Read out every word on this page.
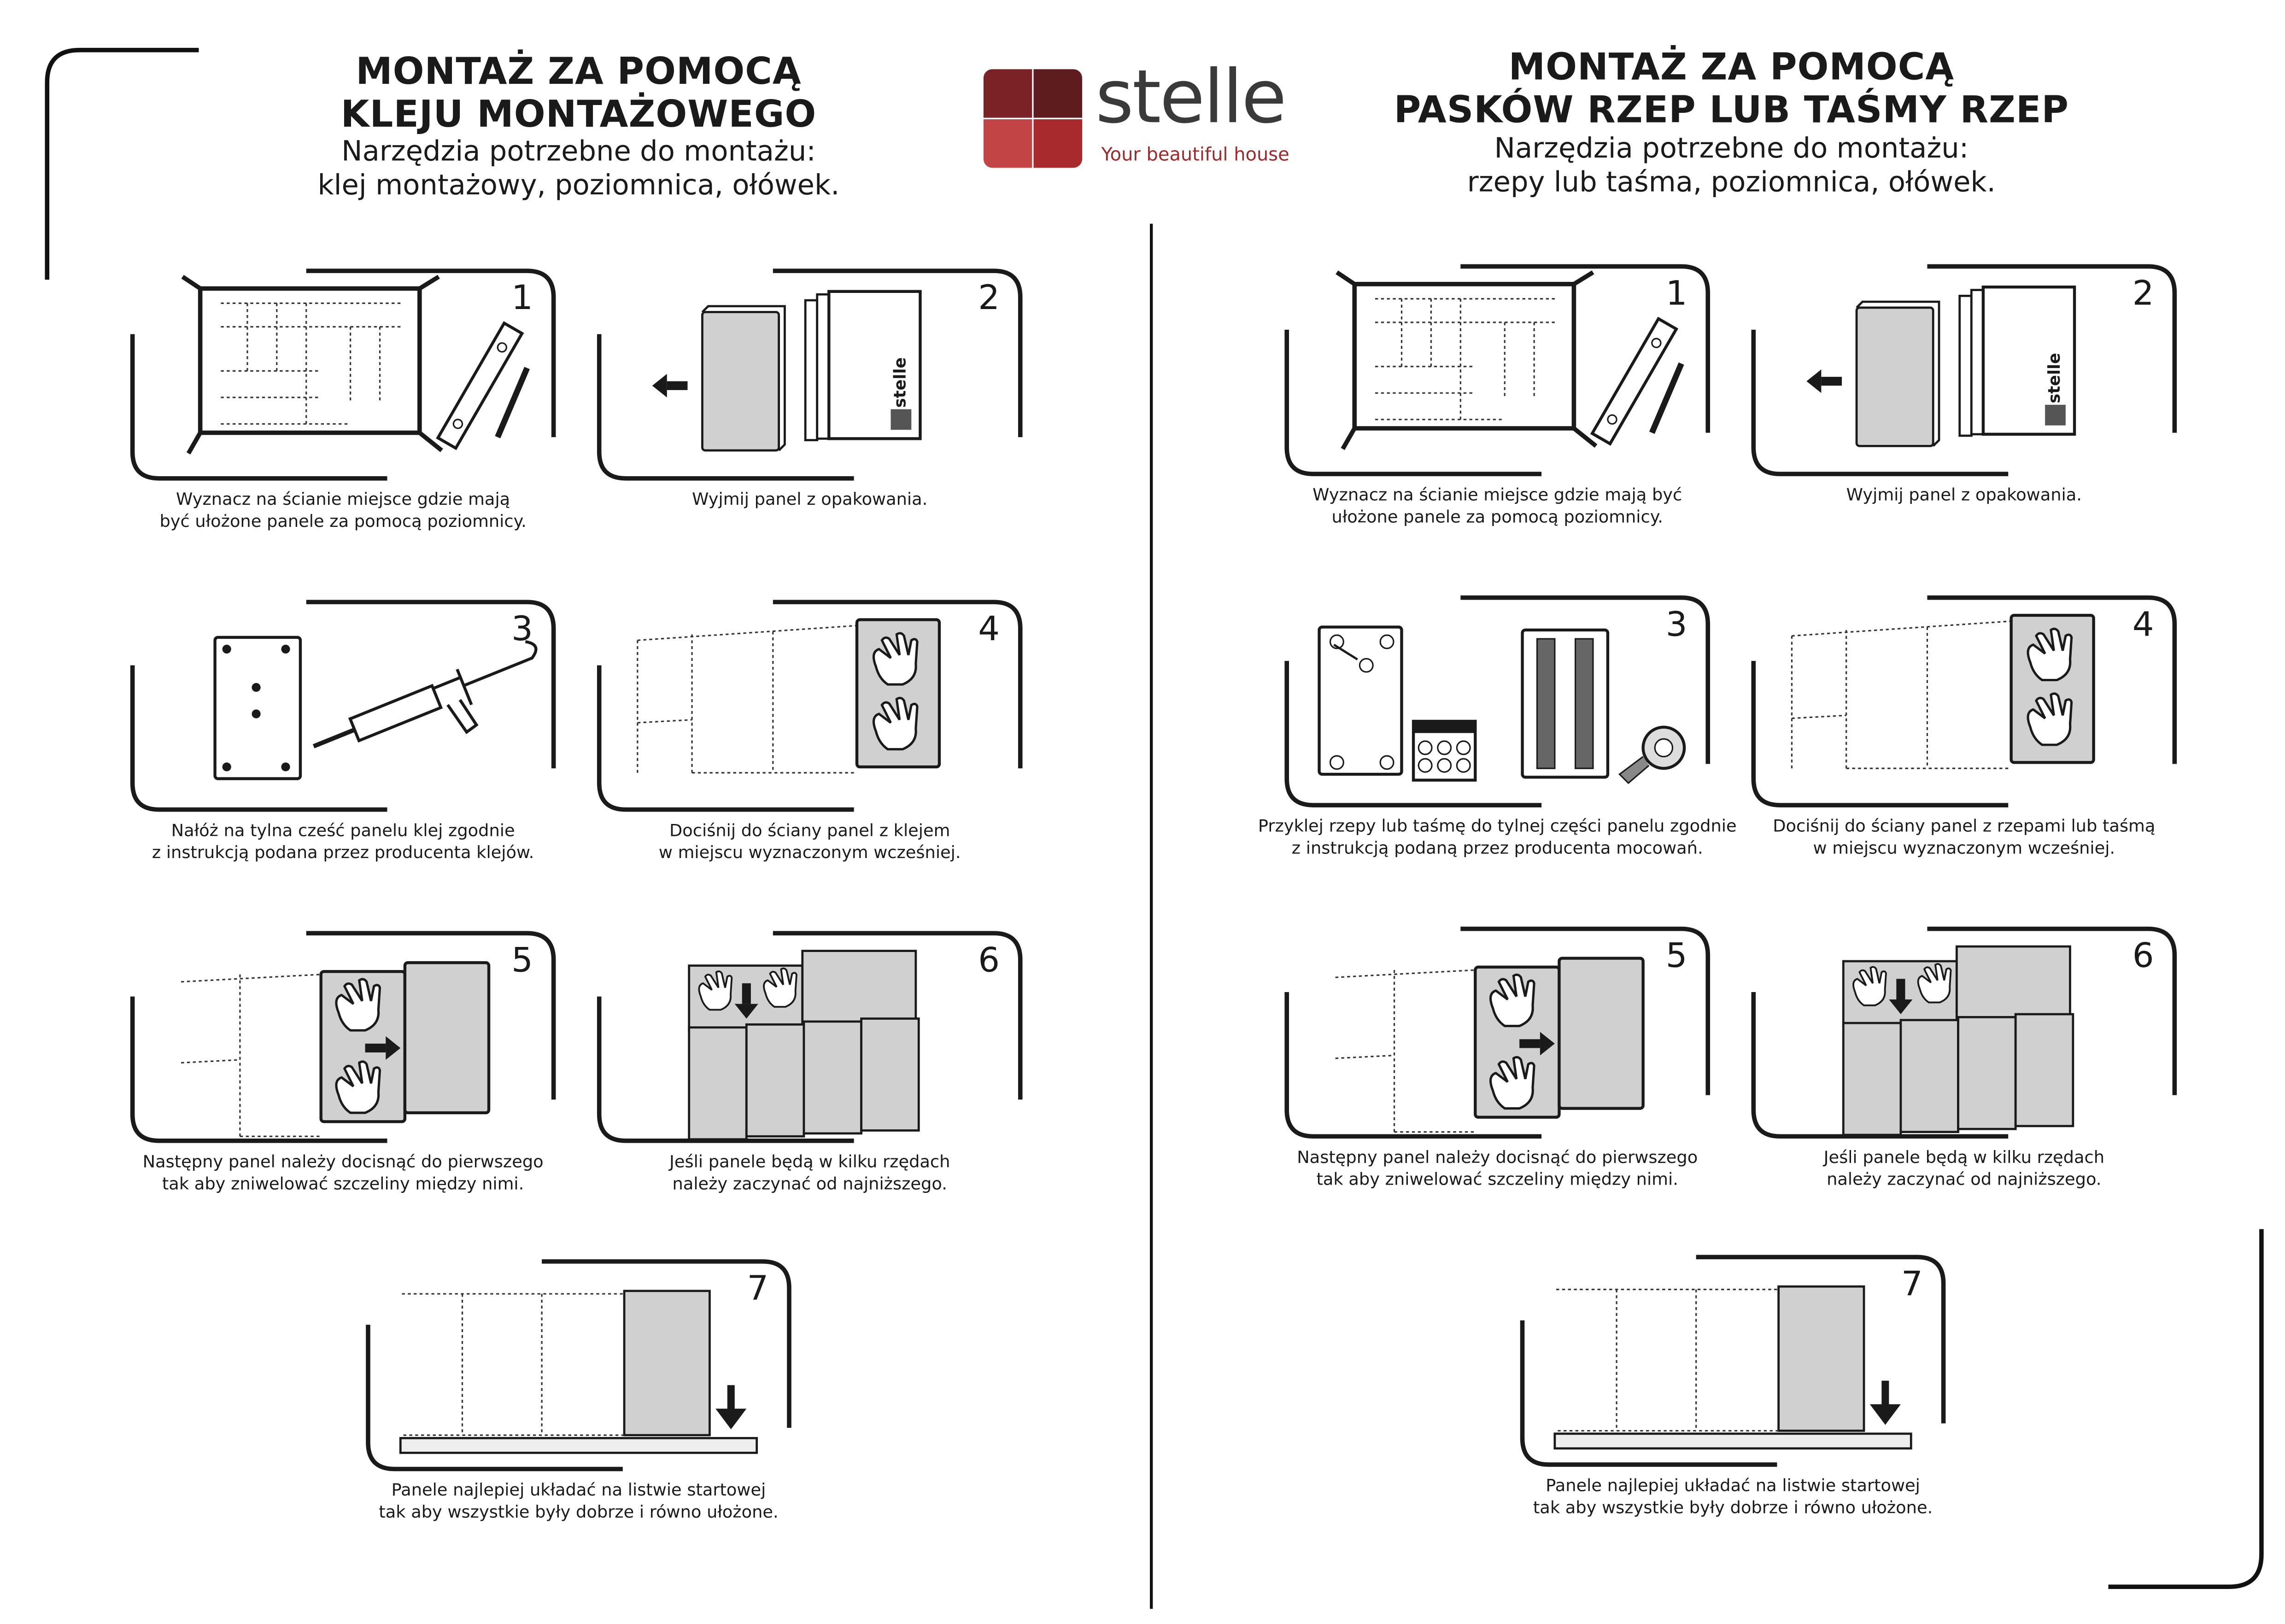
MONTAŻ ZA POMOCĄ
KLEJU MONTAŻOWEGO
Narzędzia potrzebne do montażu:
klej montażowy, poziomnica, ołówek.
MONTAŻ ZA POMOCĄ
PASKÓW RZEP LUB TAŚMY RZEP
Narzędzia potrzebne do montażu:
rzepy lub taśma, poziomnica, ołówek.
stelle
Your beautiful house
1
Wyznacz na ścianie miejsce gdzie mają
być ułożone panele za pomocą poziomnicy.
stelle
2
Wyjmij panel z opakowania.
3
Nałóż na tylna cześć panelu klej zgodnie
z instrukcją podana przez producenta klejów.
4
Dociśnij do ściany panel z klejem
w miejscu wyznaczonym wcześniej.
5
Następny panel należy docisnąć do pierwszego
tak aby zniwelować szczeliny między nimi.
6
Jeśli panele będą w kilku rzędach
należy zaczynać od najniższego.
7
Panele najlepiej układać na listwie startowej
tak aby wszystkie były dobrze i równo ułożone.
1
Wyznacz na ścianie miejsce gdzie mają być
ułożone panele za pomocą poziomnicy.
stelle
2
Wyjmij panel z opakowania.
3
Przyklej rzepy lub taśmę do tylnej części panelu zgodnie
z instrukcją podaną przez producenta mocowań.
4
Dociśnij do ściany panel z rzepami lub taśmą
w miejscu wyznaczonym wcześniej.
5
Następny panel należy docisnąć do pierwszego
tak aby zniwelować szczeliny między nimi.
6
Jeśli panele będą w kilku rzędach
należy zaczynać od najniższego.
7
Panele najlepiej układać na listwie startowej
tak aby wszystkie były dobrze i równo ułożone.
